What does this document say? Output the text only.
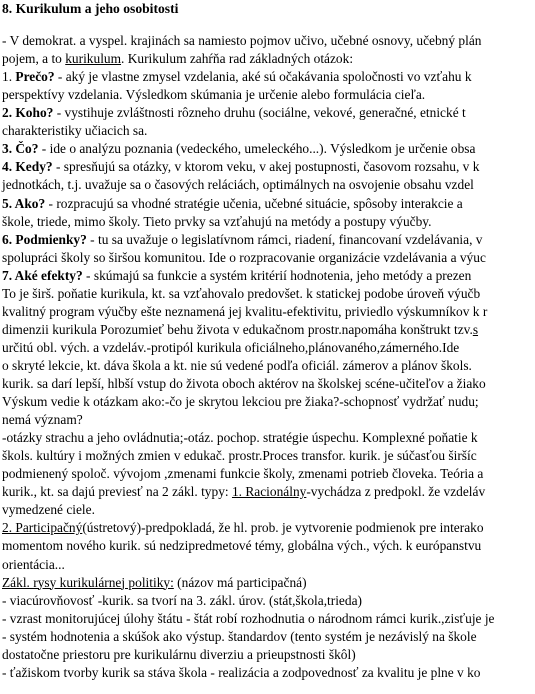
8. Kurikulum a jeho osobitosti
- V demokrat. a vyspel. krajinách sa namiesto pojmov učivo, učebné osnovy, učebný plán
pojem, a to kurikulum. Kurikulum zahŕňa rad základných otázok:
1. Prečo? - aký je vlastne zmysel vzdelania, aké sú očakávania spoločnosti vo vzťahu k
perspektívy vzdelania. Výsledkom skúmania je určenie alebo formulácia cieľa.
2. Koho? - vystihuje zvláštnosti rôzneho druhu (sociálne, vekové, generačné, etnické t
charakteristiky učiacich sa.
3. Čo? - ide o analýzu poznania (vedeckého, umeleckého...). Výsledkom je určenie obsa
4. Kedy? - spresňujú sa otázky, v ktorom veku, v akej postupnosti, časovom rozsahu, v k
jednotkách, t.j. uvažuje sa o časových reláciách, optimálnych na osvojenie obsahu vzdel
5. Ako? - rozpracujú sa vhodné stratégie učenia, učebné situácie, spôsoby interakcie a
škole, triede, mimo školy. Tieto prvky sa vzťahujú na metódy a postupy výučby.
6. Podmienky? - tu sa uvažuje o legislatívnom rámci, riadení, financovaní vzdelávania, v
spolupráci školy so širšou komunitou. Ide o rozpracovanie organizácie vzdelávania a výuc
7. Aké efekty? - skúmajú sa funkcie a systém kritérií hodnotenia, jeho metódy a prezen
To je širš. poňatie kurikula, kt. sa vzťahovalo predovšet. k statickej podobe úroveň výučb
kvalitný program výučby ešte neznamená jej kvalitu-efektivitu, priviedlo výskumníkov k r
dimenzii kurikula Porozumieť behu života v edukačnom prostr.napomáha konštrukt tzv.s
určitú obl. vých. a vzdeláv.-protipól kurikula oficiálneho,plánovaného,zámerného.Ide
o skryté lekcie, kt. dáva škola a kt. nie sú vedené podľa oficiál. zámerov a plánov škols.
kurik. sa darí lepší, hlbší vstup do života oboch aktérov na školskej scéne-učiteľov a žiako
Výskum vedie k otázkam ako:-čo je skrytou lekciou pre žiaka?-schopnosť vydržať nudu;
nemá význam?
-otázky strachu a jeho ovládnutia;-otáz. pochop. stratégie úspechu. Komplexné poňatie k
škols. kultúry i možných zmien v edukač. prostr.Proces transfor. kurik. je súčasťou širšíc
podmienený spoloč. vývojom ,zmenami funkcie školy, zmenami potrieb človeka. Teória a
kurik., kt. sa dajú previesť na 2 zákl. typy: 1. Racionálny-vychádza z predpokl. že vzdeláv
vymedzené ciele.
2. Participačný(ústretový)-predpokladá, že hl. prob. je vytvorenie podmienok pre interako
momentom nového kurik. sú nedzipredmetové témy, globálna vých., vých. k európanstvu
orientácia...
Zákl. rysy kurikulárnej politiky: (názov má participačná)
- viacúrovňovosť -kurik. sa tvorí na 3. zákl. úrov. (stát,škola,trieda)
- vzrast monitorujúcej úlohy štátu - štát robí rozhodnutia o národnom rámci kurik.,zisťuje je
- systém hodnotenia a skúšok ako výstup. štandardov (tento systém je nezávislý na škole
dostatočne priestoru pre kurikulárnu diverziu a prieupstnosti škôl)
- ťažiskom tvorby kurik sa stáva škola - realizácia a zodpovednosť za kvalitu je plne v ko
